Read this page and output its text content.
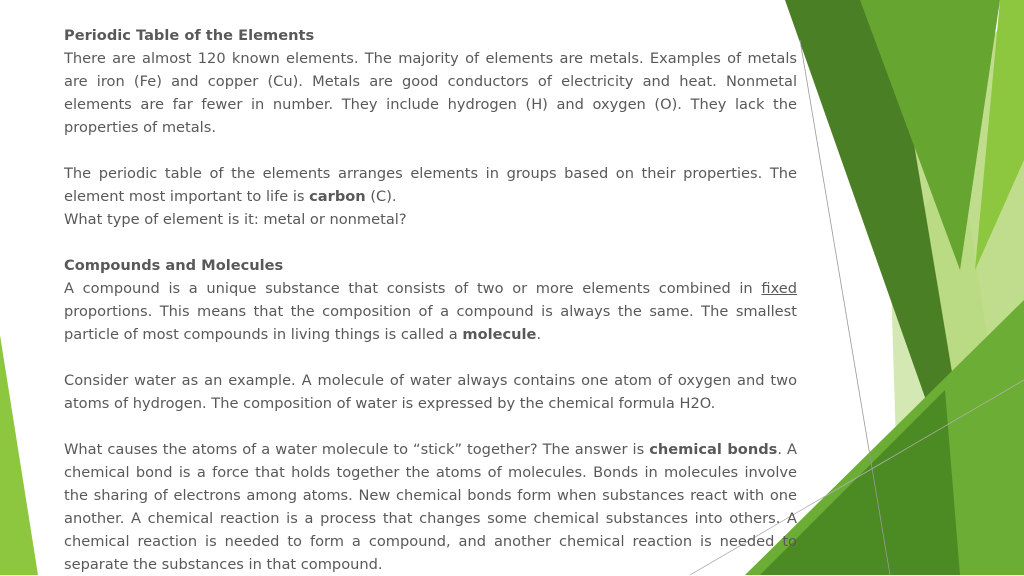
Periodic Table of the Elements

There are almost 120 known elements. The majority of elements are metals. Examples of metals are iron (Fe) and copper (Cu). Metals are good conductors of electricity and heat. Nonmetal elements are far fewer in number. They include hydrogen (H) and oxygen (O). They lack the properties of metals.

The periodic table of the elements arranges elements in groups based on their properties. The element most important to life is carbon (C).

What type of element is it: metal or nonmetal?

Compounds and Molecules

A compound is a unique substance that consists of two or more elements combined in fixed proportions. This means that the composition of a compound is always the same. The smallest particle of most compounds in living things is called a molecule.

Consider water as an example. A molecule of water always contains one atom of oxygen and two atoms of hydrogen. The composition of water is expressed by the chemical formula H2O.

What causes the atoms of a water molecule to “stick” together? The answer is chemical bonds. A chemical bond is a force that holds together the atoms of molecules. Bonds in molecules involve the sharing of electrons among atoms. New chemical bonds form when substances react with one another. A chemical reaction is a process that changes some chemical substances into others. A chemical reaction is needed to form a compound, and another chemical reaction is needed to separate the substances in that compound.
